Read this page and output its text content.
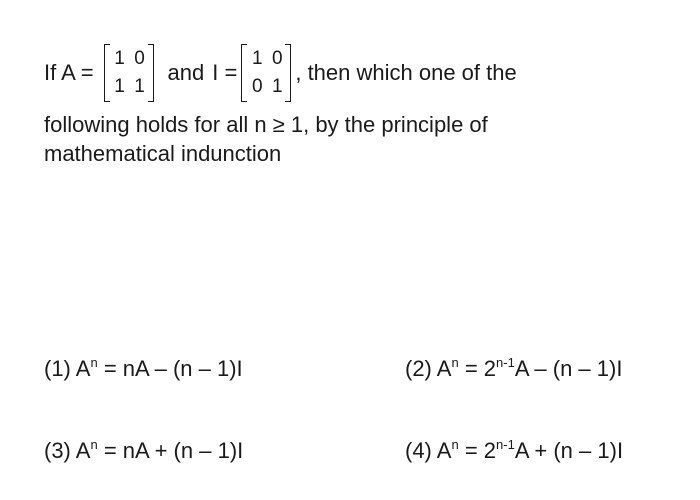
If A =
1 0
1 1
and I =
1 0
0 1
, then which one of the
following holds for all n ≥ 1, by the principle of
mathematical indunction
(1) $A^n$ = nA – (n – 1)I	(2) $A^n = 2^{n-1}A - (n - 1)I$
(3) $A^n$ = nA + (n – 1)I	(4) $A^n = 2^{n-1}A + (n - 1)I$
